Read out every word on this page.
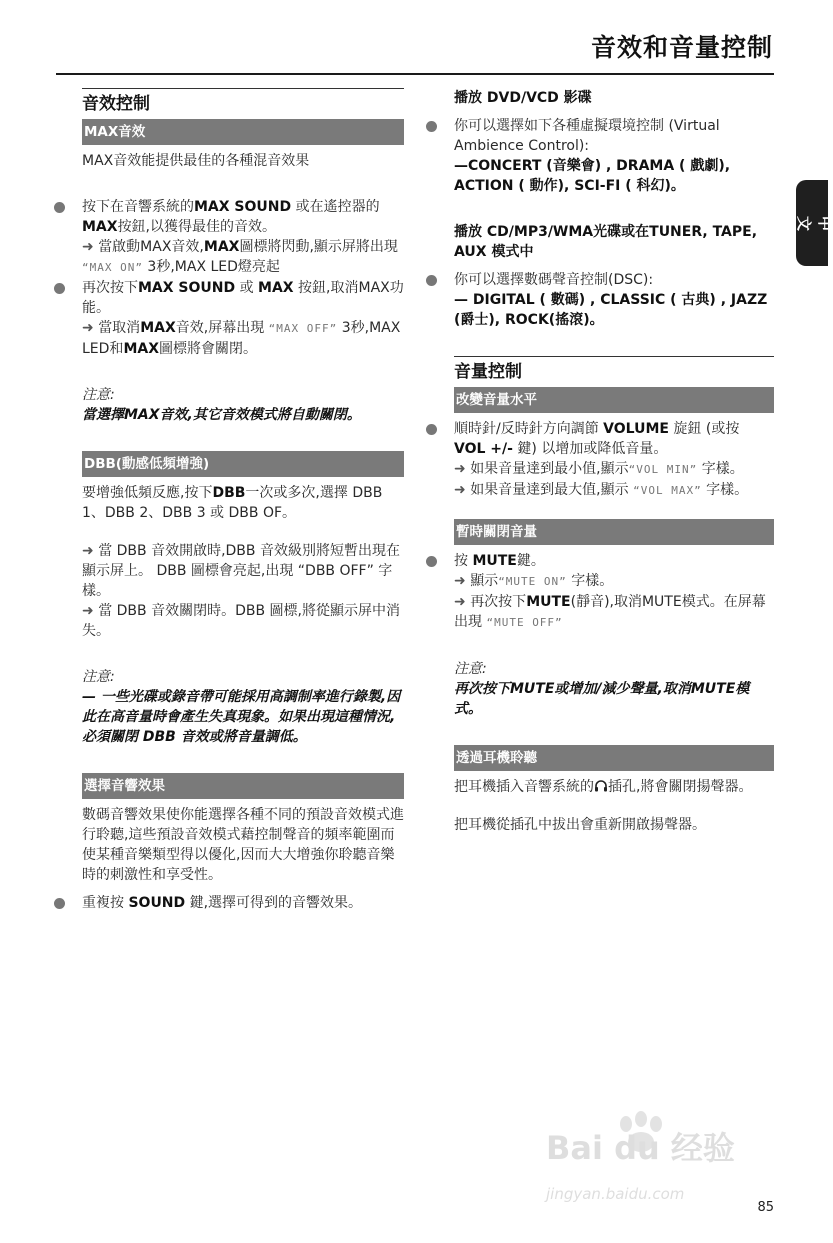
音效和音量控制
中文
音效控制
MAX音效

MAX音效能提供最佳的各種混音效果

按下在音響系統的MAX SOUND 或在遙控器的MAX按鈕,以獲得最佳的音效。

➜ 當啟動MAX音效,MAX圖標將閃動,顯示屏將出現 “MAX ON” 3秒,MAX LED燈亮起

再次按下MAX SOUND 或 MAX 按鈕,取消MAX功能。

➜ 當取消MAX音效,屏幕出現 “MAX OFF” 3秒,MAX LED和MAX圖標將會關閉。

注意:

當選擇MAX音效,其它音效模式將自動關閉。

DBB(動感低頻增強)

要增強低頻反應,按下DBB一次或多次,選擇 DBB 1、DBB 2、DBB 3 或 DBB OF。

➜ 當 DBB 音效開啟時,DBB 音效級別將短暫出現在顯示屏上。 DBB 圖標會亮起,出現 “DBB OFF” 字樣。

➜ 當 DBB 音效關閉時。DBB 圖標,將從顯示屏中消失。

注意:

— 一些光碟或錄音帶可能採用高調制率進行錄製,因此在高音量時會產生失真現象。如果出現這種情況,必須關閉 DBB 音效或將音量調低。

選擇音響效果

數碼音響效果使你能選擇各種不同的預設音效模式進行聆聽,這些預設音效模式藉控制聲音的頻率範圍而使某種音樂類型得以優化,因而大大增強你聆聽音樂時的刺激性和享受性。

重複按 SOUND 鍵,選擇可得到的音響效果。

播放 DVD/VCD 影碟

你可以選擇如下各種虛擬環境控制 (Virtual Ambience Control):

—CONCERT (音樂會) , DRAMA ( 戲劇), ACTION ( 動作), SCI-FI ( 科幻)。

播放 CD/MP3/WMA光碟或在TUNER, TAPE, AUX 模式中

你可以選擇數碼聲音控制(DSC):

— DIGITAL ( 數碼) , CLASSIC ( 古典) , JAZZ (爵士), ROCK(搖滾)。

音量控制
改變音量水平

順時針/反時針方向調節 VOLUME 旋鈕 (或按 VOL +/- 鍵) 以增加或降低音量。

➜ 如果音量達到最小值,顯示“VOL MIN” 字樣。

➜ 如果音量達到最大值,顯示 “VOL MAX” 字樣。

暫時關閉音量

按 MUTE鍵。

➜ 顯示“MUTE ON” 字樣。

➜ 再次按下MUTE(靜音),取消MUTE模式。在屏幕出現 “MUTE OFF”

注意:

再次按下MUTE或增加/減少聲量,取消MUTE模式。

透過耳機聆聽

把耳機插入音響系統的 插孔,將會關閉揚聲器。

把耳機從插孔中拔出會重新開啟揚聲器。

Bai du 经验
jingyan.baidu.com
85
